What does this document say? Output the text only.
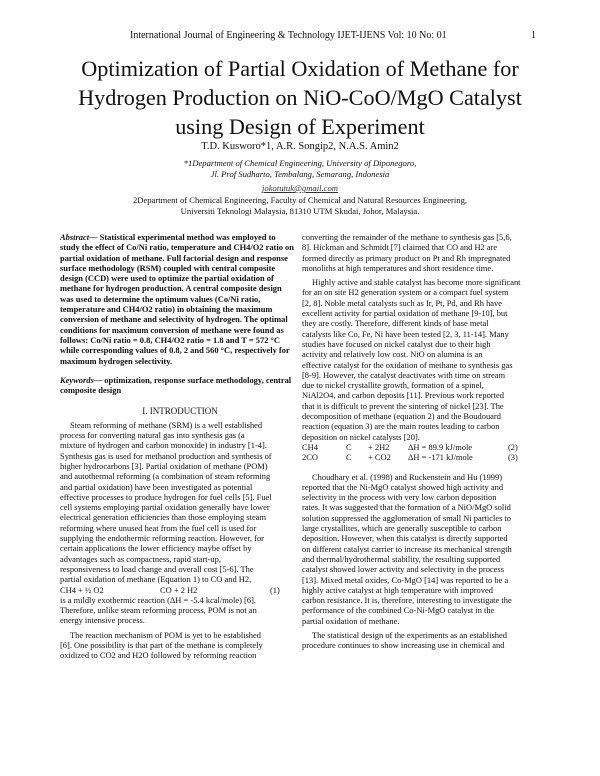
International Journal of Engineering & Technology IJET-IJENS Vol: 10 No: 01	1
Optimization of Partial Oxidation of Methane for
Hydrogen Production on NiO-CoO/MgO Catalyst
using Design of Experiment
T.D. Kusworo*1, A.R. Songip2, N.A.S. Amin2
*1Department of Chemical Engineering, University of Diponegoro,
Jl. Prof Sudharto, Tembalang, Semarang, Indonesia
jokotutuk@gmail.com
2Department of Chemical Engineering, Faculty of Chemical and Natural Resources Engineering,
Universiti Teknologi Malaysia, 81310 UTM Skudai, Johor, Malaysia.
Abstract— Statistical experimental method was employed to
study the effect of Co/Ni ratio, temperature and CH4/O2 ratio on
partial oxidation of methane. Full factorial design and response
surface methodology (RSM) coupled with central composite
design (CCD) were used to optimize the partial oxidation of
methane for hydrogen production. A central composite design
was used to determine the optimum values (Co/Ni ratio,
temperature and CH4/O2 ratio) in obtaining the maximum
conversion of methane and selectivity of hydrogen. The optimal
conditions for maximum conversion of methane were found as
follows: Co/Ni ratio = 0.8, CH4/O2 ratio = 1.8 and T = 572 °C
while corresponding values of 0.8, 2 and 560 °C, respectively for
maximum hydrogen selectivity.
Keywords— optimization, response surface methodology, central
composite design
I. INTRODUCTION
Steam reforming of methane (SRM) is a well established
process for converting natural gas into synthesis gas (a
mixture of hydrogen and carbon monoxide) in industry [1-4].
Synthesis gas is used for methanol production and synthesis of
higher hydrocarbons [3]. Partial oxidation of methane (POM)
and autothermal reforming (a combination of steam reforming
and partial oxidation) have been investigated as potential
effective processes to produce hydrogen for fuel cells [5]. Fuel
cell systems employing partial oxidation generally have lower
electrical generation efficiencies than those employing steam
reforming where unused heat from the fuel cell is used for
supplying the endothermic reforming reaction. However, for
certain applications the lower efficiency maybe offset by
advantages such as compactness, rapid start-up,
responsiveness to load change and overall cost [5-6]. The
partial oxidation of methane (Equation 1) to CO and H2,
CH4 + ½ O2	CO + 2 H2	(1)
is a mildly exothermic reaction (ΔH = -5.4 kcal/mole) [6].
Therefore, unlike steam reforming process, POM is not an
energy intensive process.
The reaction mechanism of POM is yet to be established
[6]. One possibility is that part of the methane is completely
oxidized to CO2 and H2O followed by reforming reaction
converting the remainder of the methane to synthesis gas [5,6,
8]. Hickman and Schmidt [7] claimed that CO and H2 are
formed directly as primary product on Pt and Rh impregnated
monoliths at high temperatures and short residence time.
Highly active and stable catalyst has become more significant
for an on site H2 generation system or a compact fuel system
[2, 8]. Noble metal catalysts such as Ir, Pt, Pd, and Rh have
excellent activity for partial oxidation of methane [9-10], but
they are costly. Therefore, different kinds of base metal
catalysts like Co, Fe, Ni have been tested [2, 3, 11-14]. Many
studies have focused on nickel catalyst due to their high
activity and relatively low cost. NiO on alumina is an
effective catalyst for the oxidation of methane to synthesis gas
[8-9]. However, the catalyst deactivates with time on stream
due to nickel crystallite growth, formation of a spinel,
NiAl2O4, and carbon deposits [11]. Previous work reported
that it is difficult to prevent the sintering of nickel [23]. The
decomposition of methane (equation 2) and the Boudouard
reaction (equation 3) are the main routes leading to carbon
deposition on nickel catalysts [20].
CH4	C	+ 2H2	ΔH = 89.9 kJ/mole	(2)
2CO	C	+ CO2	ΔH = -171 kJ/mole	(3)
Choudhary et al. (1998) and Ruckenstein and Hu (1999)
reported that the Ni-MgO catalyst showed high activity and
selectivity in the process with very low carbon deposition
rates. It was suggested that the formation of a NiO/MgO solid
solution suppressed the agglomeration of small Ni particles to
large crystallites, which are generally susceptible to carbon
deposition. However, when this catalyst is directly supported
on different catalyst carrier to increase its mechanical strength
and thermal/hydrothermal stability, the resulting supported
catalyst showed lower activity and selectivity in the process
[13]. Mixed metal oxides, Co-MgO [14] was reported to be a
highly active catalyst at high temperature with improved
carbon resistance. It is, therefore, interesting to investigate the
performance of the combined Co-Ni-MgO catalyst in the
partial oxidation of methane.
The statistical design of the experiments as an established
procedure continues to show increasing use in chemical and
